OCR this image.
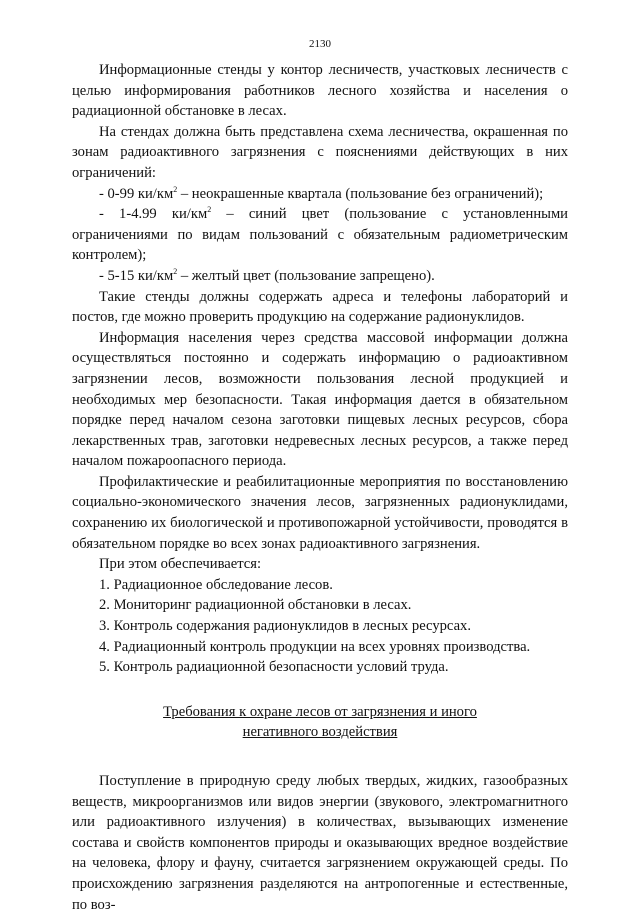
2130

Информационные стенды у контор лесничеств, участковых лесничеств с целью информирования работников лесного хозяйства и населения о радиационной обстановке в лесах.

На стендах должна быть представлена схема лесничества, окрашенная по зонам радиоактивного загрязнения с пояснениями действующих в них ограничений:

- 0-99 $ки/км^2$ – неокрашенные квартала (пользование без ограничений);

- 1-4.99 $ки/км^2$ – синий цвет (пользование с установленными ограничениями по видам пользований с обязательным радиометрическим контролем);

- 5-15 $ки/км^2$ – желтый цвет (пользование запрещено).

Такие стенды должны содержать адреса и телефоны лабораторий и постов, где можно проверить продукцию на содержание радионуклидов.

Информация населения через средства массовой информации должна осуществляться постоянно и содержать информацию о радиоактивном загрязнении лесов, возможности пользования лесной продукцией и необходимых мер безопасности. Такая информация дается в обязательном порядке перед началом сезона заготовки пищевых лесных ресурсов, сбора лекарственных трав, заготовки недревесных лесных ресурсов, а также перед началом пожароопасного периода.

Профилактические и реабилитационные мероприятия по восстановлению социально-экономического значения лесов, загрязненных радионуклидами, сохранению их биологической и противопожарной устойчивости, проводятся в обязательном порядке во всех зонах радиоактивного загрязнения.

При этом обеспечивается:

1. Радиационное обследование лесов.

2. Мониторинг радиационной обстановки в лесах.

3. Контроль содержания радионуклидов в лесных ресурсах.

4. Радиационный контроль продукции на всех уровнях производства.

5. Контроль радиационной безопасности условий труда.

Требования к охране лесов от загрязнения и иного
негативного воздействия

Поступление в природную среду любых твердых, жидких, газообразных веществ, микроорганизмов или видов энергии (звукового, электромагнитного или радиоактивного излучения) в количествах, вызывающих изменение состава и свойств компонентов природы и оказывающих вредное воздействие на человека, флору и фауну, считается загрязнением окружающей среды. По происхождению загрязнения разделяются на антропогенные и естественные, по воз-
